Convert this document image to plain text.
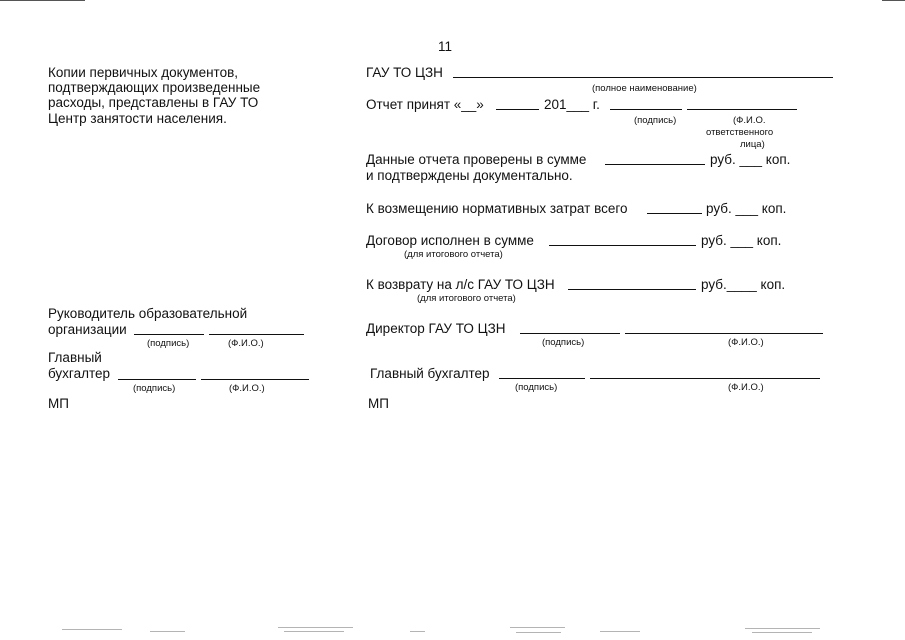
11
Копии первичных документов,
подтверждающих произведенные
расходы, представлены в ГАУ ТО
Центр занятости населения.
Руководитель образовательной
организации
(подпись)	(Ф.И.О.)
Главный
бухгалтер
(подпись)	(Ф.И.О.)
МП
ГАУ ТО ЦЗН
(полное наименование)
Отчет принят «__»	201___ г.
(подпись)	(Ф.И.О.
ответственного
лица)
Данные отчета проверены в сумме	руб. ___ коп.
и подтверждены документально.
К возмещению нормативных затрат всего	руб. ___ коп.
Договор исполнен в сумме	руб. ___ коп.
(для итогового отчета)
К возврату на л/с ГАУ ТО ЦЗН	руб.____ коп.
(для итогового отчета)
Директор ГАУ ТО ЦЗН
(подпись)	(Ф.И.О.)
Главный бухгалтер
(подпись)	(Ф.И.О.)
МП
